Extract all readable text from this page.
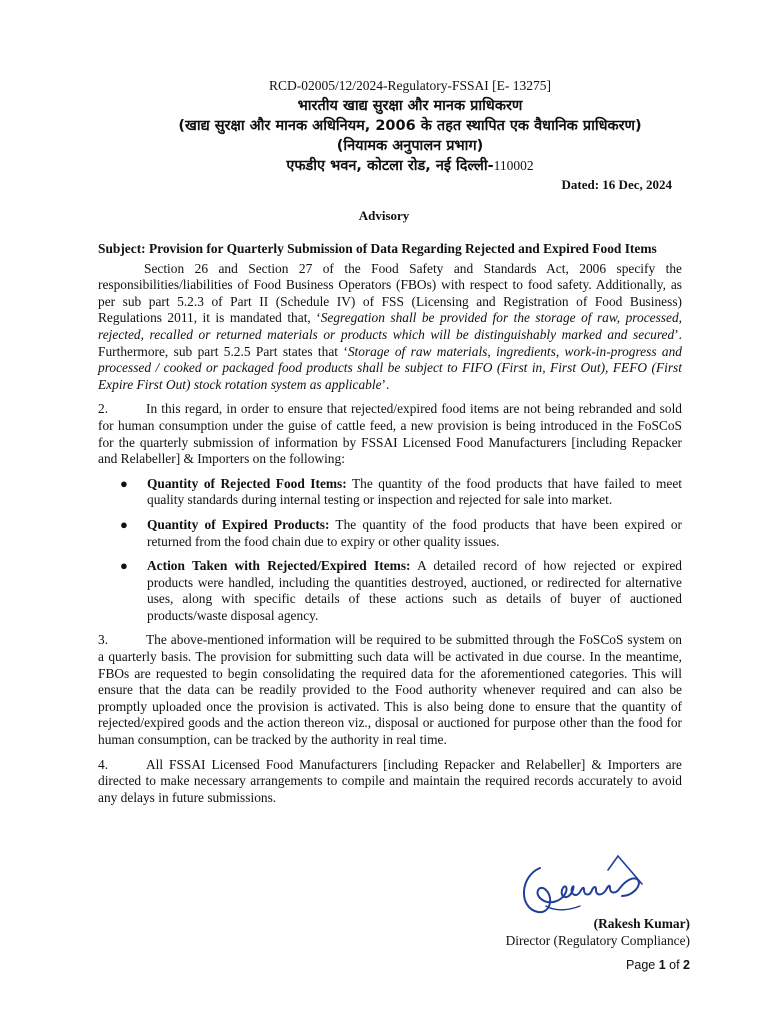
RCD-02005/12/2024-Regulatory-FSSAI [E- 13275]
भारतीय खाद्य सुरक्षा और मानक प्राधिकरण
(खाद्य सुरक्षा और मानक अधिनियम, 2006 के तहत स्थापित एक वैधानिक प्राधिकरण)
(नियामक अनुपालन प्रभाग)
एफडीए भवन, कोटला रोड, नई दिल्ली-110002
Dated: 16 Dec, 2024
Advisory

Subject: Provision for Quarterly Submission of Data Regarding Rejected and Expired Food Items

Section 26 and Section 27 of the Food Safety and Standards Act, 2006 specify the responsibilities/liabilities of Food Business Operators (FBOs) with respect to food safety. Additionally, as per sub part 5.2.3 of Part II (Schedule IV) of FSS (Licensing and Registration of Food Business) Regulations 2011, it is mandated that, ‘Segregation shall be provided for the storage of raw, processed, rejected, recalled or returned materials or products which will be distinguishably marked and secured’. Furthermore, sub part 5.2.5 Part states that ‘Storage of raw materials, ingredients, work-in-progress and processed / cooked or packaged food products shall be subject to FIFO (First in, First Out), FEFO (First Expire First Out) stock rotation system as applicable’.

2.	In this regard, in order to ensure that rejected/expired food items are not being rebranded and sold for human consumption under the guise of cattle feed, a new provision is being introduced in the FoSCoS for the quarterly submission of information by FSSAI Licensed Food Manufacturers [including Repacker and Relabeller] & Importers on the following:

● Quantity of Rejected Food Items: The quantity of the food products that have failed to meet quality standards during internal testing or inspection and rejected for sale into market.
● Quantity of Expired Products: The quantity of the food products that have been expired or returned from the food chain due to expiry or other quality issues.
● Action Taken with Rejected/Expired Items: A detailed record of how rejected or expired products were handled, including the quantities destroyed, auctioned, or redirected for alternative uses, along with specific details of these actions such as details of buyer of auctioned products/waste disposal agency.

3.	The above-mentioned information will be required to be submitted through the FoSCoS system on a quarterly basis. The provision for submitting such data will be activated in due course. In the meantime, FBOs are requested to begin consolidating the required data for the aforementioned categories. This will ensure that the data can be readily provided to the Food authority whenever required and can also be promptly uploaded once the provision is activated. This is also being done to ensure that the quantity of rejected/expired goods and the action thereon viz., disposal or auctioned for purpose other than the food for human consumption, can be tracked by the authority in real time.

4.	All FSSAI Licensed Food Manufacturers [including Repacker and Relabeller] & Importers are directed to make necessary arrangements to compile and maintain the required records accurately to avoid any delays in future submissions.

(Rakesh Kumar)
Director (Regulatory Compliance)
Page 1 of 2
